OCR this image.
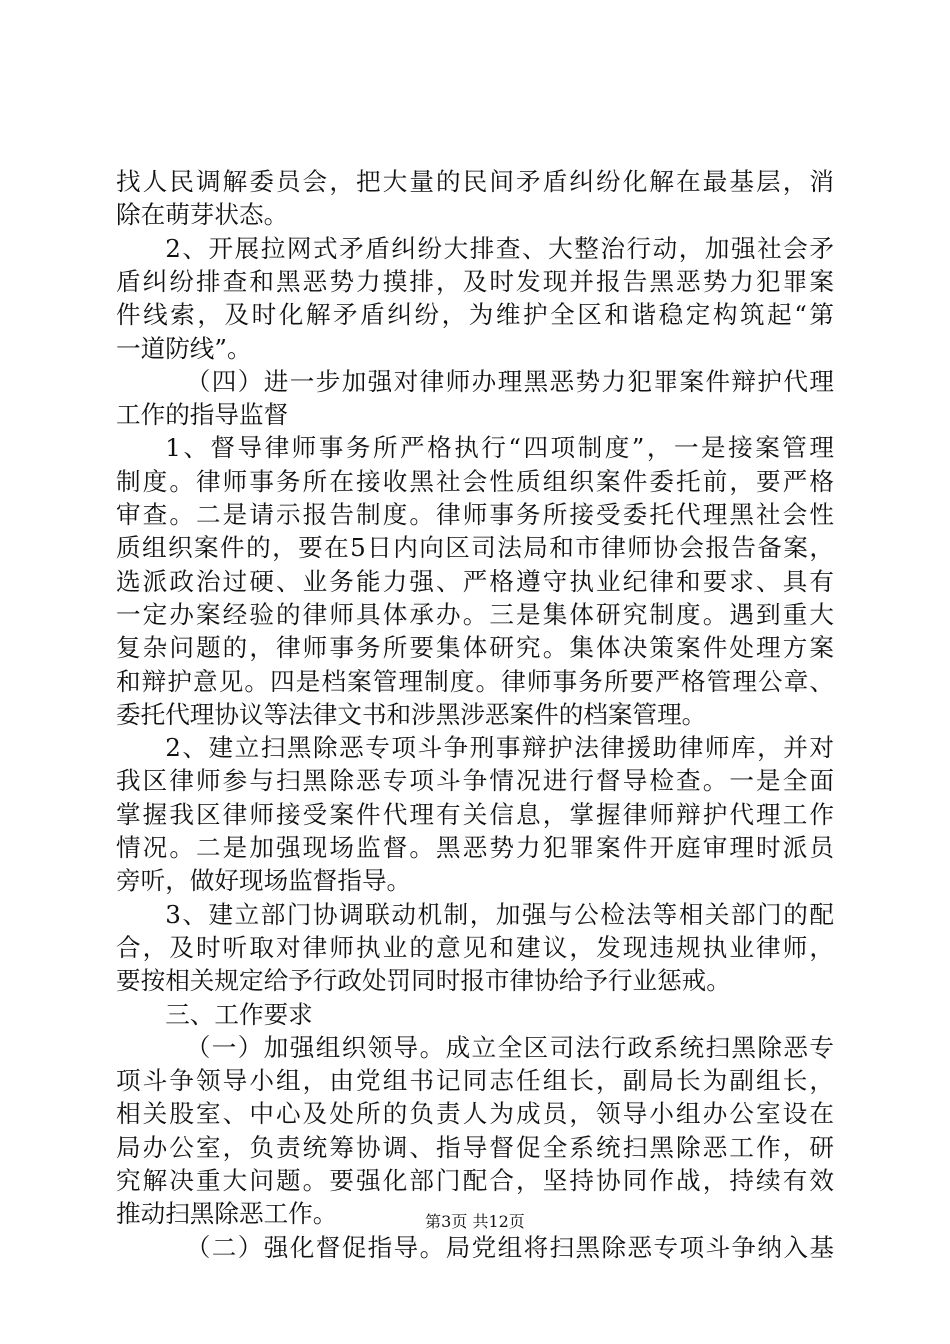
找人民调解委员会，把大量的民间矛盾纠纷化解在最基层，消
除在萌芽状态。
2、开展拉网式矛盾纠纷大排查、大整治行动，加强社会矛
盾纠纷排查和黑恶势力摸排，及时发现并报告黑恶势力犯罪案
件线索，及时化解矛盾纠纷，为维护全区和谐稳定构筑起“第
一道防线”。
（四）进一步加强对律师办理黑恶势力犯罪案件辩护代理
工作的指导监督
1、督导律师事务所严格执行“四项制度”，一是接案管理
制度。律师事务所在接收黑社会性质组织案件委托前，要严格
审查。二是请示报告制度。律师事务所接受委托代理黑社会性
质组织案件的，要在5日内向区司法局和市律师协会报告备案，
选派政治过硬、业务能力强、严格遵守执业纪律和要求、具有
一定办案经验的律师具体承办。三是集体研究制度。遇到重大
复杂问题的，律师事务所要集体研究。集体决策案件处理方案
和辩护意见。四是档案管理制度。律师事务所要严格管理公章、
委托代理协议等法律文书和涉黑涉恶案件的档案管理。
2、建立扫黑除恶专项斗争刑事辩护法律援助律师库，并对
我区律师参与扫黑除恶专项斗争情况进行督导检查。一是全面
掌握我区律师接受案件代理有关信息，掌握律师辩护代理工作
情况。二是加强现场监督。黑恶势力犯罪案件开庭审理时派员
旁听，做好现场监督指导。
3、建立部门协调联动机制，加强与公检法等相关部门的配
合，及时听取对律师执业的意见和建议，发现违规执业律师，
要按相关规定给予行政处罚同时报市律协给予行业惩戒。
三、工作要求
（一）加强组织领导。成立全区司法行政系统扫黑除恶专
项斗争领导小组，由党组书记同志任组长，副局长为副组长，
相关股室、中心及处所的负责人为成员，领导小组办公室设在
局办公室，负责统筹协调、指导督促全系统扫黑除恶工作，研
究解决重大问题。要强化部门配合，坚持协同作战，持续有效
推动扫黑除恶工作。
（二）强化督促指导。局党组将扫黑除恶专项斗争纳入基
第3页 共12页
